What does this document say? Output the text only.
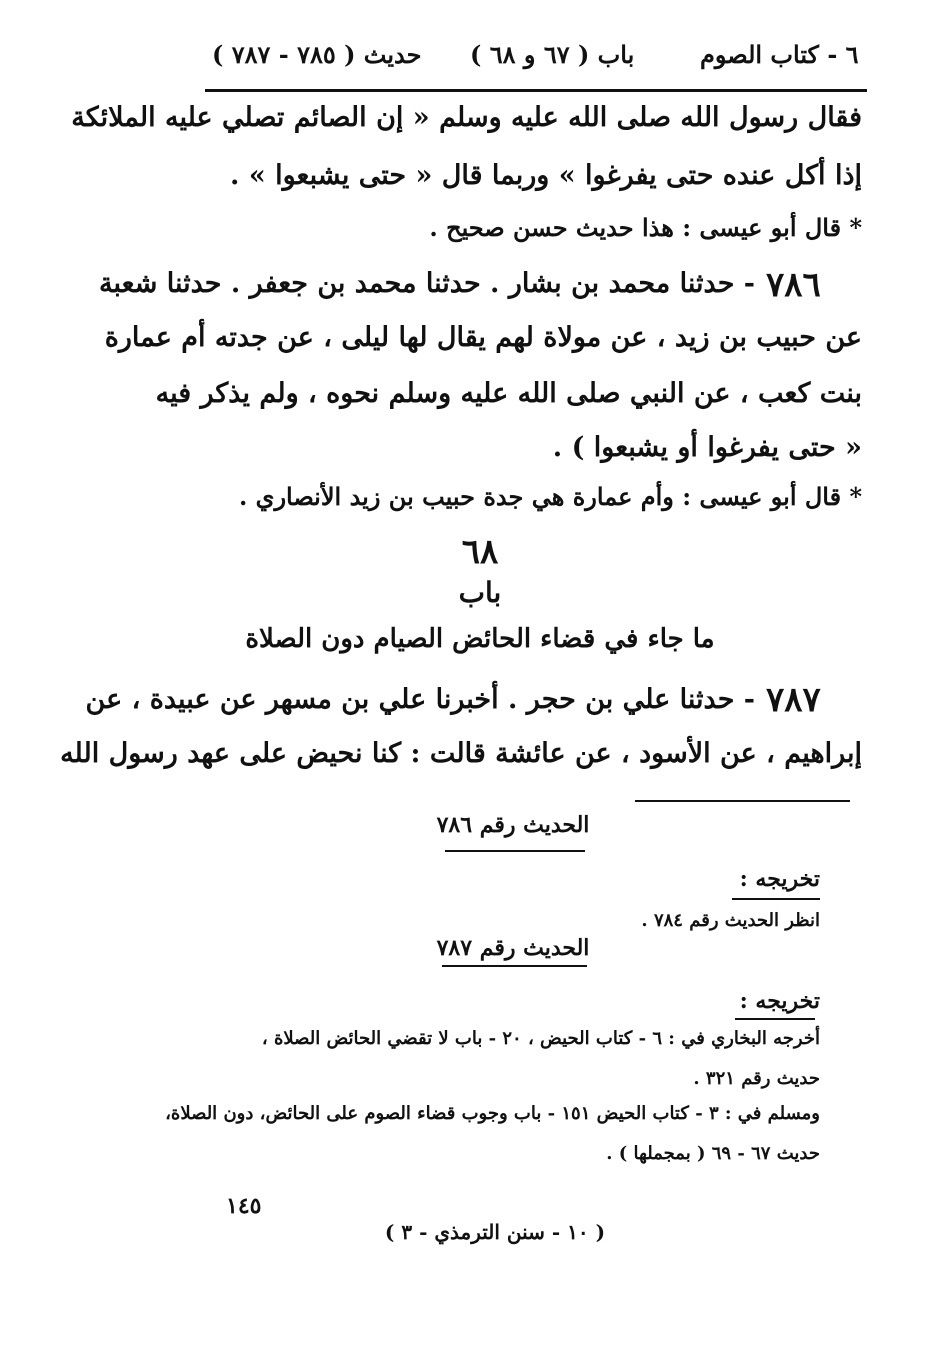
حديث ( ٧٨٥ - ٧٨٧ ) باب ( ٦٧ و ٦٨ )	٦ - كتاب الصوم
فقال رسول الله صلى الله عليه وسلم « إن الصائم تصلي عليه الملائكة
إذا أكل عنده حتى يفرغوا » وربما قال « حتى يشبعوا » .
* قال أبو عيسى : هذا حديث حسن صحيح .
٧٨٦
- حدثنا محمد بن بشار . حدثنا محمد بن جعفر . حدثنا شعبة
عن حبيب بن زيد ، عن مولاة لهم يقال لها ليلى ، عن جدته أم عمارة
بنت كعب ، عن النبي صلى الله عليه وسلم نحوه ، ولم يذكر فيه
« حتى يفرغوا أو يشبعوا ) .
* قال أبو عيسى : وأم عمارة هي جدة حبيب بن زيد الأنصاري .
٦٨
باب
ما جاء في قضاء الحائض الصيام دون الصلاة
٧٨٧
- حدثنا علي بن حجر . أخبرنا علي بن مسهر عن عبيدة ، عن
إبراهيم ، عن الأسود ، عن عائشة قالت : كنا نحيض على عهد رسول الله
الحديث رقم ٧٨٦
تخريجه :
انظر الحديث رقم ٧٨٤ .
الحديث رقم ٧٨٧
تخريجه :
أخرجه البخاري في : ٦ - كتاب الحيض ، ٢٠ - باب لا تقضي الحائض الصلاة ،
حديث رقم ٣٢١ .
ومسلم في : ٣ - كتاب الحيض ١٥١ - باب وجوب قضاء الصوم على الحائض، دون الصلاة،
حديث ٦٧ - ٦٩ ( بمجملها ) .
١٤٥
( ١٠ - سنن الترمذي - ٣ )
